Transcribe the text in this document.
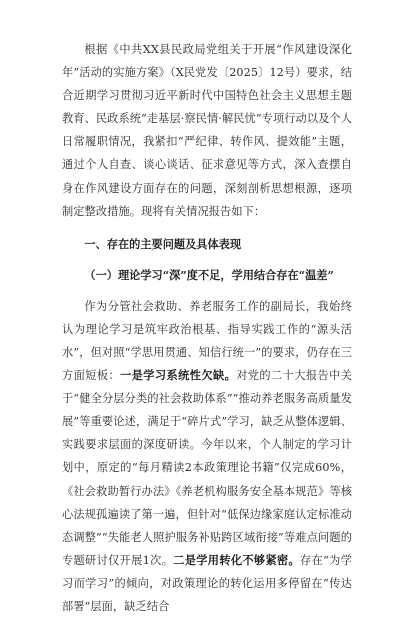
根据《中共XX县民政局党组关于开展“作风建设深化年”活动的实施方案》（X民党发〔2025〕12号）要求，结合近期学习贯彻习近平新时代中国特色社会主义思想主题教育、民政系统“走基层·察民情·解民忧”专项行动以及个人日常履职情况，我紧扣“严纪律、转作风、提效能”主题，通过个人自查、谈心谈话、征求意见等方式，深入查摆自身在作风建设方面存在的问题，深刻剖析思想根源，逐项制定整改措施。现将有关情况报告如下：

一、存在的主要问题及具体表现
（一）理论学习“深”度不足，学用结合存在“温差”

作为分管社会救助、养老服务工作的副局长，我始终认为理论学习是筑牢政治根基、指导实践工作的“源头活水”，但对照“学思用贯通、知信行统一”的要求，仍存在三方面短板：一是学习系统性欠缺。对党的二十大报告中关于“健全分层分类的社会救助体系”“推动养老服务高质量发展”等重要论述，满足于“碎片式”学习，缺乏从整体逻辑、实践要求层面的深度研读。今年以来，个人制定的学习计划中，原定的“每月精读2本政策理论书籍”仅完成60%，《社会救助暂行办法》《养老机构服务安全基本规范》等核心法规孤遍读了第一遍，但针对“低保边缘家庭认定标准动态调整”“失能老人照护服务补贴跨区域衔接”等难点问题的专题研讨仅开展1次。二是学用转化不够紧密。存在“为学习而学习”的倾向，对政策理论的转化运用多停留在“传达部署”层面，缺乏结合
